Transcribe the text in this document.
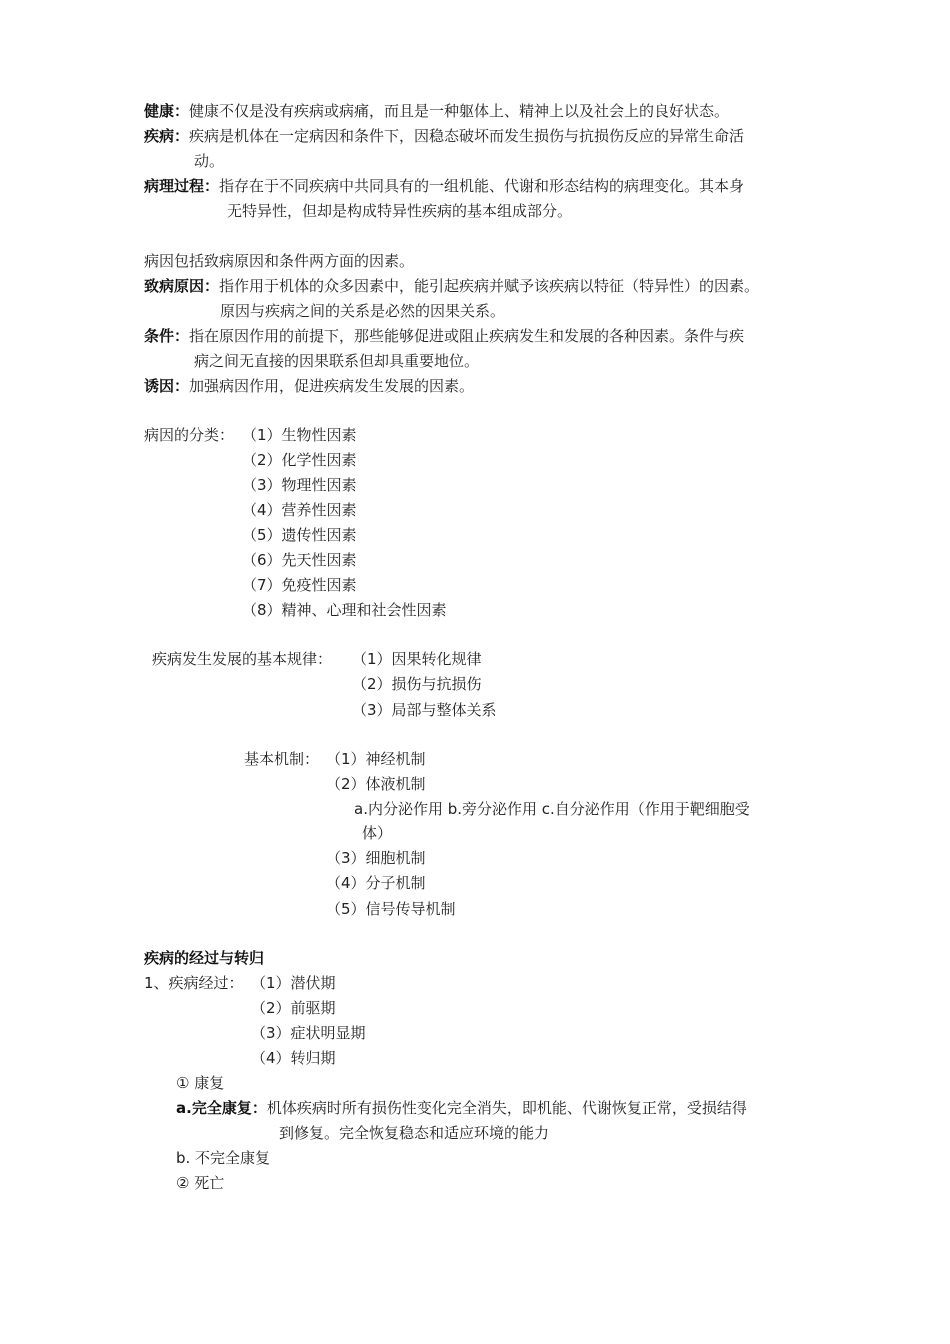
健康：健康不仅是没有疾病或病痛，而且是一种躯体上、精神上以及社会上的良好状态。
疾病：疾病是机体在一定病因和条件下，因稳态破坏而发生损伤与抗损伤反应的异常生命活
动。
病理过程：指存在于不同疾病中共同具有的一组机能、代谢和形态结构的病理变化。其本身
无特异性，但却是构成特异性疾病的基本组成部分。
病因包括致病原因和条件两方面的因素。
致病原因：指作用于机体的众多因素中，能引起疾病并赋予该疾病以特征（特异性）的因素。
原因与疾病之间的关系是必然的因果关系。
条件：指在原因作用的前提下，那些能够促进或阻止疾病发生和发展的各种因素。条件与疾
病之间无直接的因果联系但却具重要地位。
诱因：加强病因作用，促进疾病发生发展的因素。
病因的分类： （1）生物性因素
（2）化学性因素
（3）物理性因素
（4）营养性因素
（5）遗传性因素
（6）先天性因素
（7）免疫性因素
（8）精神、心理和社会性因素
疾病发生发展的基本规律： （1）因果转化规律
（2）损伤与抗损伤
（3）局部与整体关系
基本机制： （1）神经机制
（2）体液机制
a.内分泌作用 b.旁分泌作用 c.自分泌作用（作用于靶细胞受
体）
（3）细胞机制
（4）分子机制
（5）信号传导机制
疾病的经过与转归
1、疾病经过： （1）潜伏期
（2）前驱期
（3）症状明显期
（4）转归期
① 康复
a.完全康复：机体疾病时所有损伤性变化完全消失，即机能、代谢恢复正常，受损结得
到修复。完全恢复稳态和适应环境的能力
b. 不完全康复
② 死亡
